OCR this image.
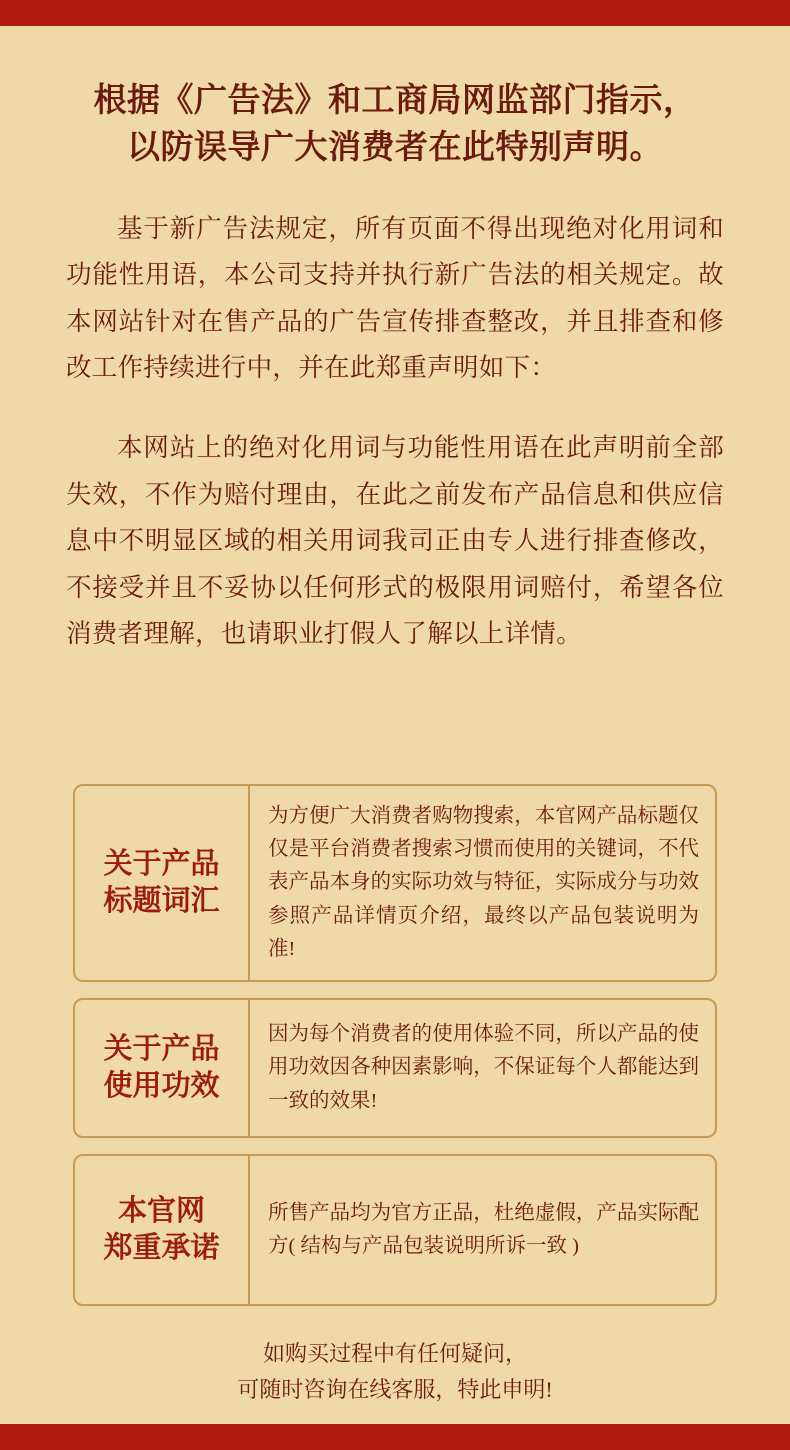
根据《广告法》和工商局网监部门指示，
以防误导广大消费者在此特别声明。

基于新广告法规定，所有页面不得出现绝对化用词和功能性用语，本公司支持并执行新广告法的相关规定。故本网站针对在售产品的广告宣传排查整改，并且排查和修改工作持续进行中，并在此郑重声明如下：

本网站上的绝对化用词与功能性用语在此声明前全部失效，不作为赔付理由，在此之前发布产品信息和供应信息中不明显区域的相关用词我司正由专人进行排查修改，不接受并且不妥协以任何形式的极限用词赔付，希望各位消费者理解，也请职业打假人了解以上详情。

关于产品
标题词汇
为方便广大消费者购物搜索，本官网产品标题仅仅是平台消费者搜索习惯而使用的关键词，不代表产品本身的实际功效与特征，实际成分与功效参照产品详情页介绍，最终以产品包装说明为准!
关于产品
使用功效
因为每个消费者的使用体验不同，所以产品的使用功效因各种因素影响，不保证每个人都能达到一致的效果!
本官网
郑重承诺
所售产品均为官方正品，杜绝虚假，产品实际配方( 结构与产品包装说明所诉一致 )
如购买过程中有任何疑问，
可随时咨询在线客服，特此申明!
